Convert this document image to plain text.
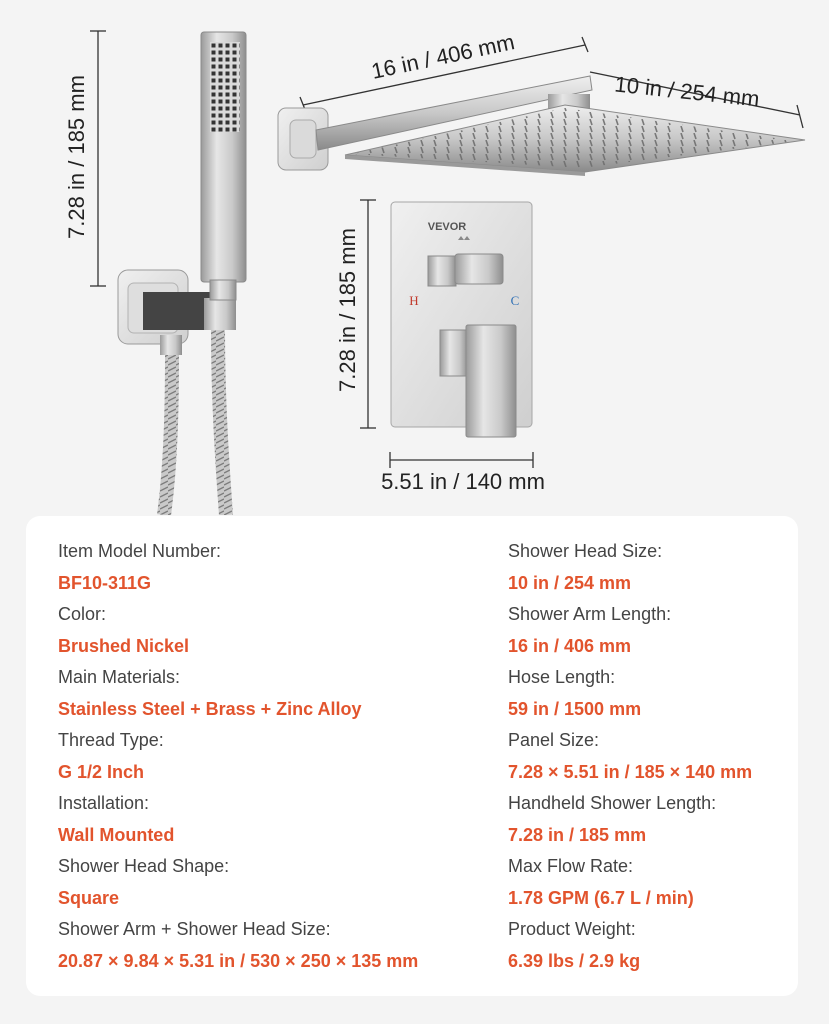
VEVOR
H	C
7.28 in / 185 mm
16 in / 406 mm
10 in / 254 mm
7.28 in / 185 mm
5.51 in / 140 mm
Item Model Number:
BF10-311G
Color:
Brushed Nickel
Main Materials:
Stainless Steel + Brass + Zinc Alloy
Thread Type:
G 1/2 Inch
Installation:
Wall Mounted
Shower Head Shape:
Square
Shower Arm + Shower Head Size:
20.87 × 9.84 × 5.31 in / 530 × 250 × 135 mm
Shower Head Size:
10 in / 254 mm
Shower Arm Length:
16 in / 406 mm
Hose Length:
59 in / 1500 mm
Panel Size:
7.28 × 5.51 in / 185 × 140 mm
Handheld Shower Length:
7.28 in / 185 mm
Max Flow Rate:
1.78 GPM (6.7 L / min)
Product Weight:
6.39 lbs / 2.9 kg
